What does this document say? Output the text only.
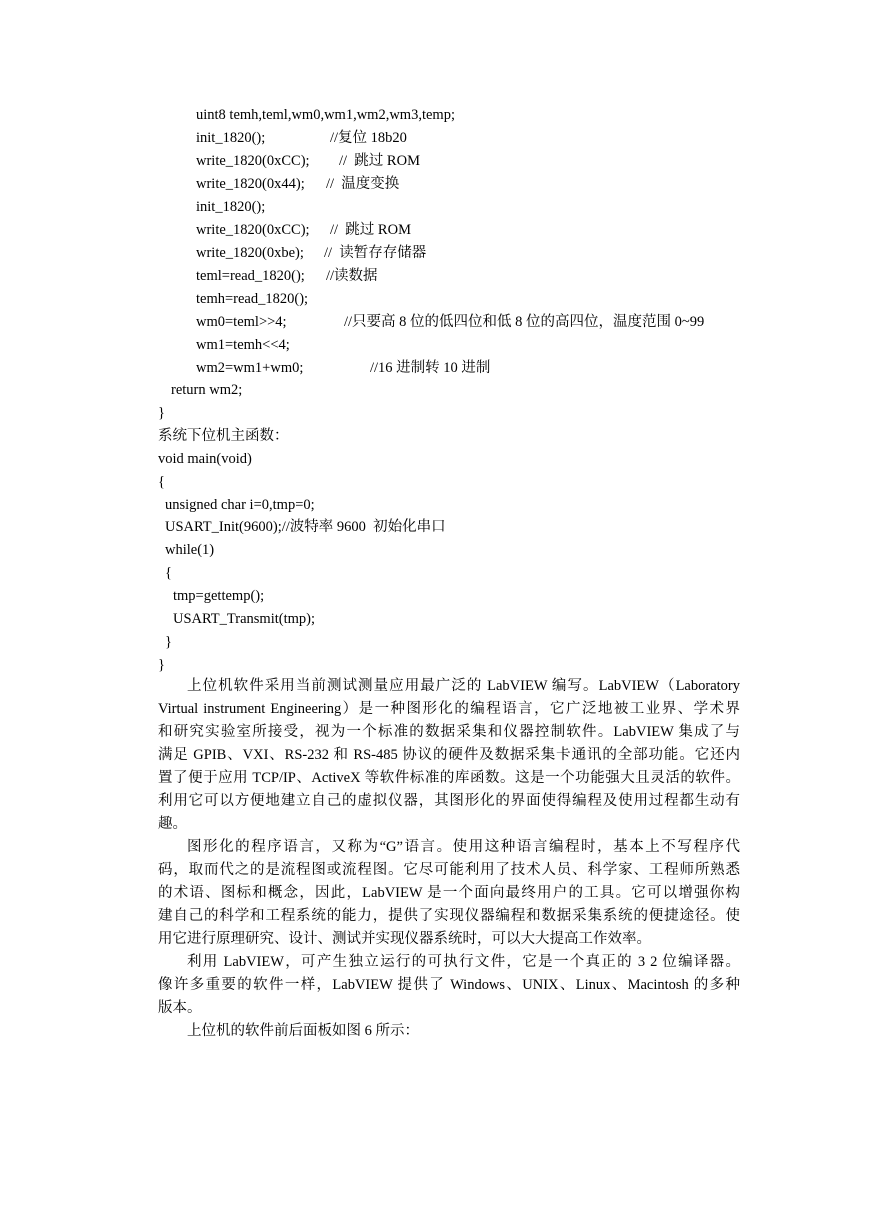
uint8 temh,teml,wm0,wm1,wm2,wm3,temp;
init_1820();	//复位 18b20
write_1820(0xCC); //  跳过 ROM
write_1820(0x44); //  温度变换
init_1820();
write_1820(0xCC); //  跳过 ROM
write_1820(0xbe); //  读暂存存储器
teml=read_1820(); //读数据
temh=read_1820();
wm0=teml>>4;	//只要高 8 位的低四位和低 8 位的高四位，温度范围 0~99
wm1=temh<<4;
wm2=wm1+wm0;	//16 进制转 10 进制
return wm2;
}
系统下位机主函数：
void main(void)
{
unsigned char i=0,tmp=0;
USART_Init(9600);//波特率 9600  初始化串口
while(1)
{
tmp=gettemp();
USART_Transmit(tmp);
}
}
上位机软件采用当前测试测量应用最广泛的 LabVIEW 编写。LabVIEW（Laboratory
Virtual instrument Engineering）是一种图形化的编程语言，它广泛地被工业界、学术界
和研究实验室所接受，视为一个标准的数据采集和仪器控制软件。LabVIEW 集成了与
满足 GPIB、VXI、RS-232 和 RS-485 协议的硬件及数据采集卡通讯的全部功能。它还内
置了便于应用 TCP/IP、ActiveX 等软件标准的库函数。这是一个功能强大且灵活的软件。
利用它可以方便地建立自己的虚拟仪器，其图形化的界面使得编程及使用过程都生动有
趣。
图形化的程序语言，又称为“G”语言。使用这种语言编程时，基本上不写程序代
码，取而代之的是流程图或流程图。它尽可能利用了技术人员、科学家、工程师所熟悉
的术语、图标和概念，因此，LabVIEW 是一个面向最终用户的工具。它可以增强你构
建自己的科学和工程系统的能力，提供了实现仪器编程和数据采集系统的便捷途径。使
用它进行原理研究、设计、测试并实现仪器系统时，可以大大提高工作效率。
利用 LabVIEW，可产生独立运行的可执行文件，它是一个真正的 3 2 位编译器。
像许多重要的软件一样，LabVIEW 提供了 Windows、UNIX、Linux、Macintosh 的多种
版本。
上位机的软件前后面板如图 6 所示：
